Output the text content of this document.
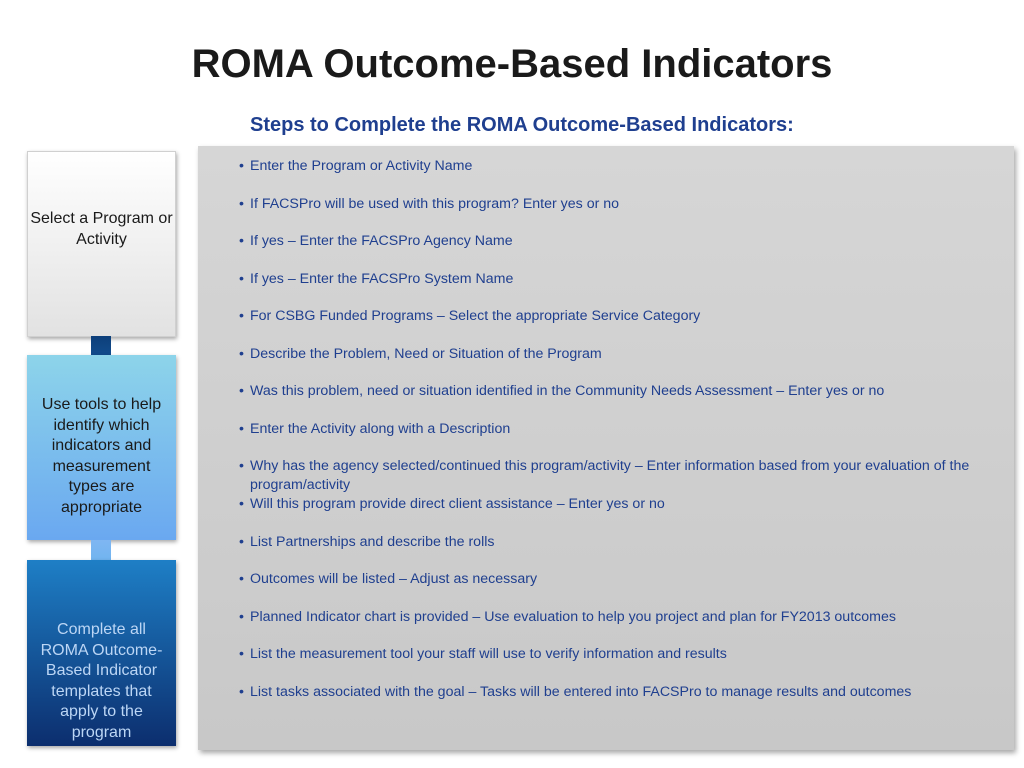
ROMA Outcome-Based Indicators
Steps to Complete the ROMA Outcome-Based Indicators:
Select a Program or Activity
Use tools to help identify which indicators and measurement types are appropriate
Complete all ROMA Outcome-Based Indicator templates that apply to the program
• Enter the Program or Activity Name
• If FACSPro will be used with this program? Enter yes or no
• If yes – Enter the FACSPro Agency Name
• If yes – Enter the FACSPro System Name
• For CSBG Funded Programs – Select the appropriate Service Category
• Describe the Problem, Need or Situation of the Program
• Was this problem, need or situation identified in the Community Needs Assessment – Enter yes or no
• Enter the Activity along with a Description
• Why has the agency selected/continued this program/activity – Enter information based from your evaluation of the program/activity
• Will this program provide direct client assistance – Enter yes or no
• List Partnerships and describe the rolls
• Outcomes will be listed – Adjust as necessary
• Planned Indicator chart is provided – Use evaluation to help you project and plan for FY2013 outcomes
• List the measurement tool your staff will use to verify information and results
• List tasks associated with the goal – Tasks will be entered into FACSPro to manage results and outcomes
